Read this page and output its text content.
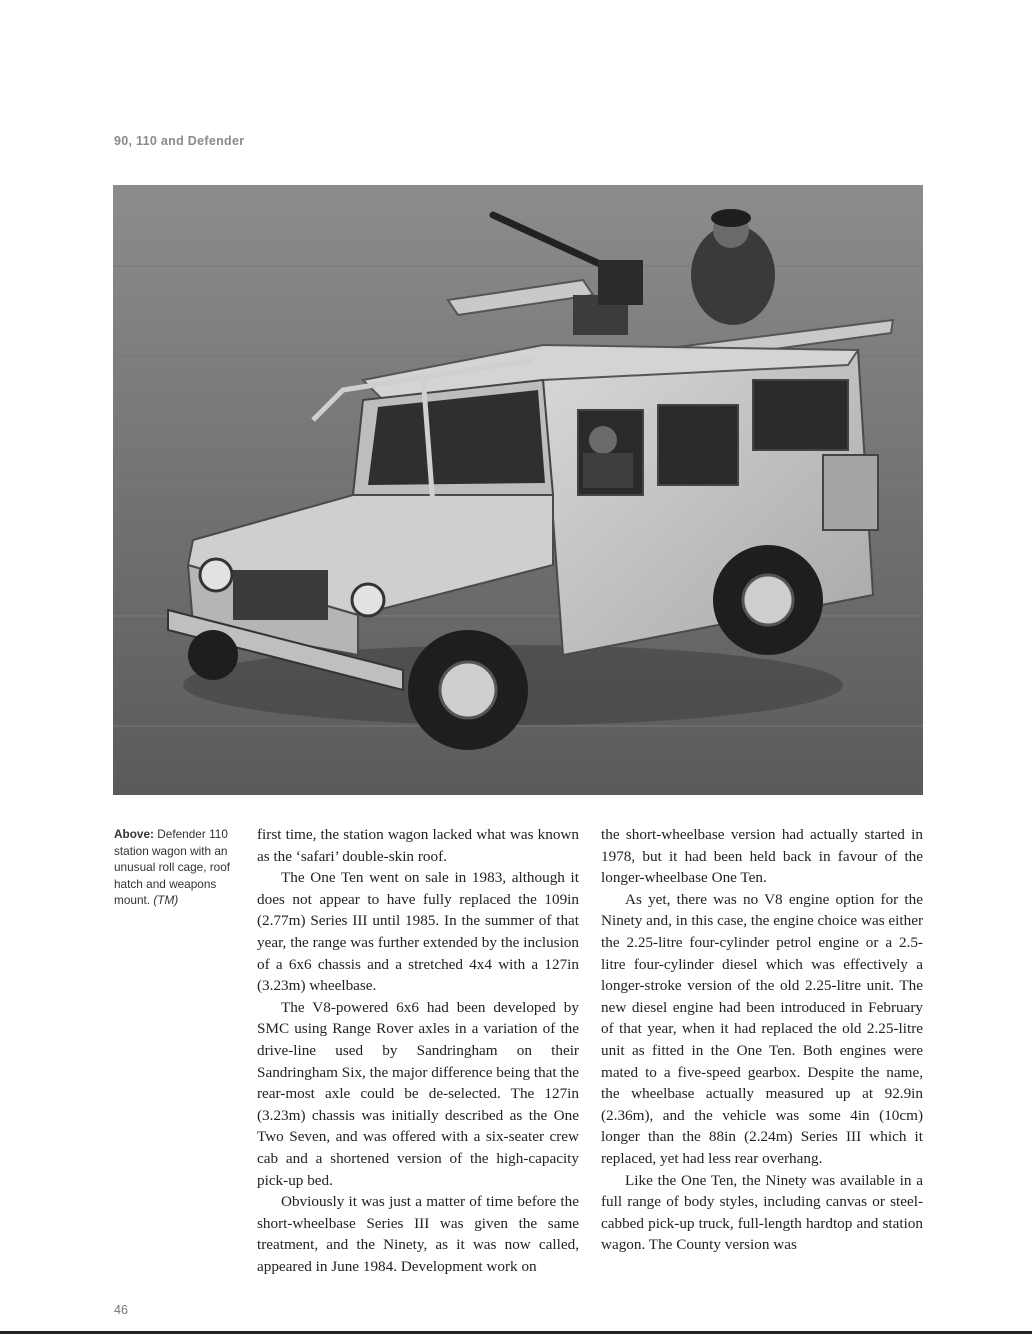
90, 110 and Defender
Above: Defender 110 station wagon with an unusual roll cage, roof hatch and weapons mount. (TM)

first time, the station wagon lacked what was known as the ‘safari’ double-skin roof.

The One Ten went on sale in 1983, although it does not appear to have fully replaced the 109in (2.77m) Series III until 1985. In the summer of that year, the range was further extended by the inclusion of a 6x6 chassis and a stretched 4x4 with a 127in (3.23m) wheelbase.

The V8-powered 6x6 had been developed by SMC using Range Rover axles in a variation of the drive-line used by Sandringham on their Sandringham Six, the major difference being that the rear-most axle could be de-selected. The 127in (3.23m) chassis was initially described as the One Two Seven, and was offered with a six-seater crew cab and a shortened version of the high-capacity pick-up bed.

Obviously it was just a matter of time before the short-wheelbase Series III was given the same treatment, and the Ninety, as it was now called, appeared in June 1984. Development work on

the short-wheelbase version had actually started in 1978, but it had been held back in favour of the longer-wheelbase One Ten.

As yet, there was no V8 engine option for the Ninety and, in this case, the engine choice was either the 2.25-litre four-cylinder petrol engine or a 2.5-litre four-cylinder diesel which was effectively a longer-stroke version of the old 2.25-litre unit. The new diesel engine had been introduced in February of that year, when it had replaced the old 2.25-litre unit as fitted in the One Ten. Both engines were mated to a five-speed gearbox. Despite the name, the wheelbase actually measured up at 92.9in (2.36m), and the vehicle was some 4in (10cm) longer than the 88in (2.24m) Series III which it replaced, yet had less rear overhang.

Like the One Ten, the Ninety was available in a full range of body styles, including canvas or steel-cabbed pick-up truck, full-length hardtop and station wagon. The County version was

46
